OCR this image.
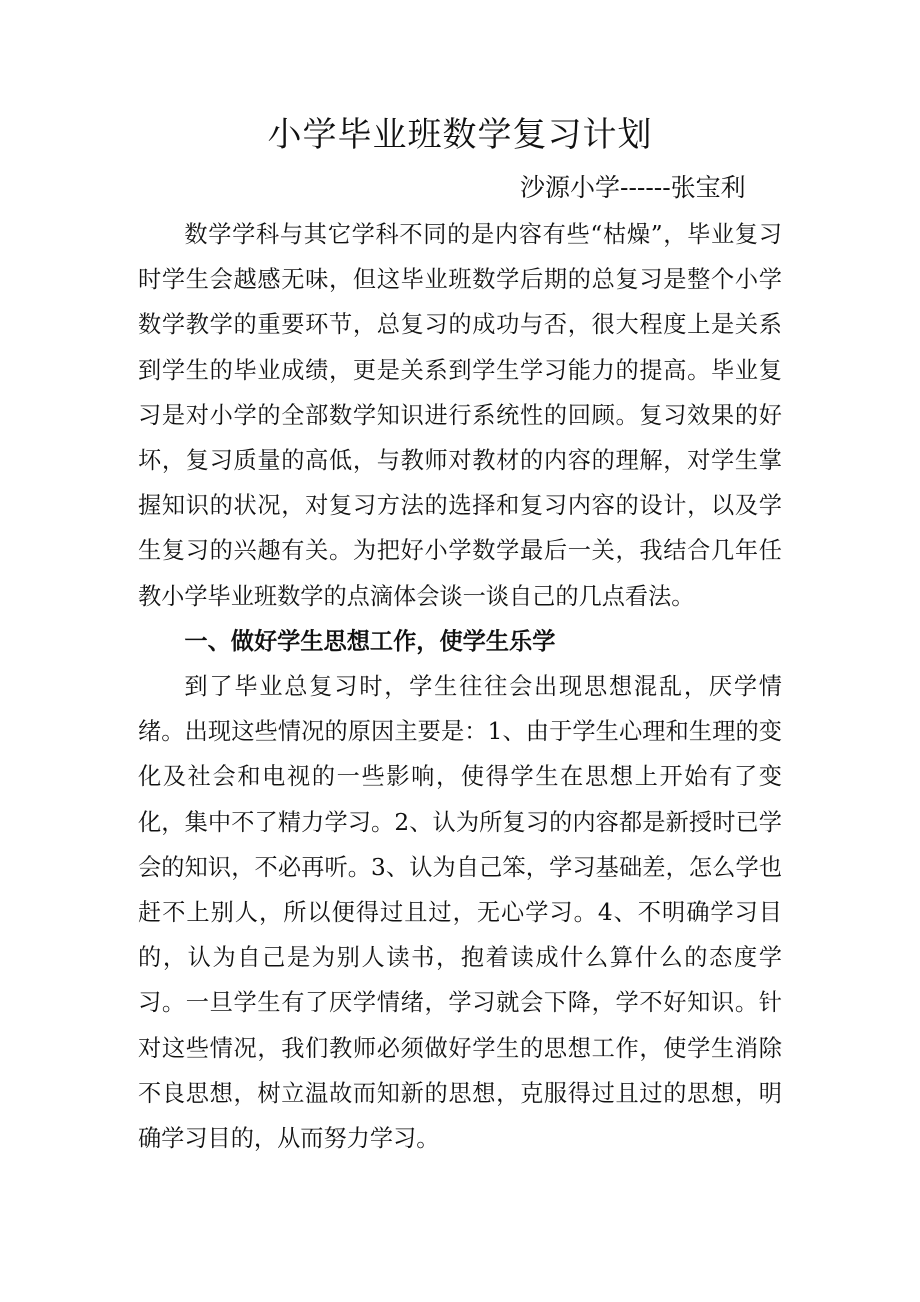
小学毕业班数学复习计划
沙源小学------张宝利

数学学科与其它学科不同的是内容有些“枯燥”，毕业复习时学生会越感无味，但这毕业班数学后期的总复习是整个小学数学教学的重要环节，总复习的成功与否，很大程度上是关系到学生的毕业成绩，更是关系到学生学习能力的提高。毕业复习是对小学的全部数学知识进行系统性的回顾。复习效果的好坏，复习质量的高低，与教师对教材的内容的理解，对学生掌握知识的状况，对复习方法的选择和复习内容的设计，以及学生复习的兴趣有关。为把好小学数学最后一关，我结合几年任教小学毕业班数学的点滴体会谈一谈自己的几点看法。

一、做好学生思想工作，使学生乐学

到了毕业总复习时，学生往往会出现思想混乱，厌学情绪。出现这些情况的原因主要是：1、由于学生心理和生理的变化及社会和电视的一些影响，使得学生在思想上开始有了变化，集中不了精力学习。2、认为所复习的内容都是新授时已学会的知识，不必再听。3、认为自己笨，学习基础差，怎么学也赶不上别人，所以便得过且过，无心学习。4、不明确学习目的，认为自己是为别人读书，抱着读成什么算什么的态度学习。一旦学生有了厌学情绪，学习就会下降，学不好知识。针对这些情况，我们教师必须做好学生的思想工作，使学生消除不良思想，树立温故而知新的思想，克服得过且过的思想，明确学习目的，从而努力学习。
